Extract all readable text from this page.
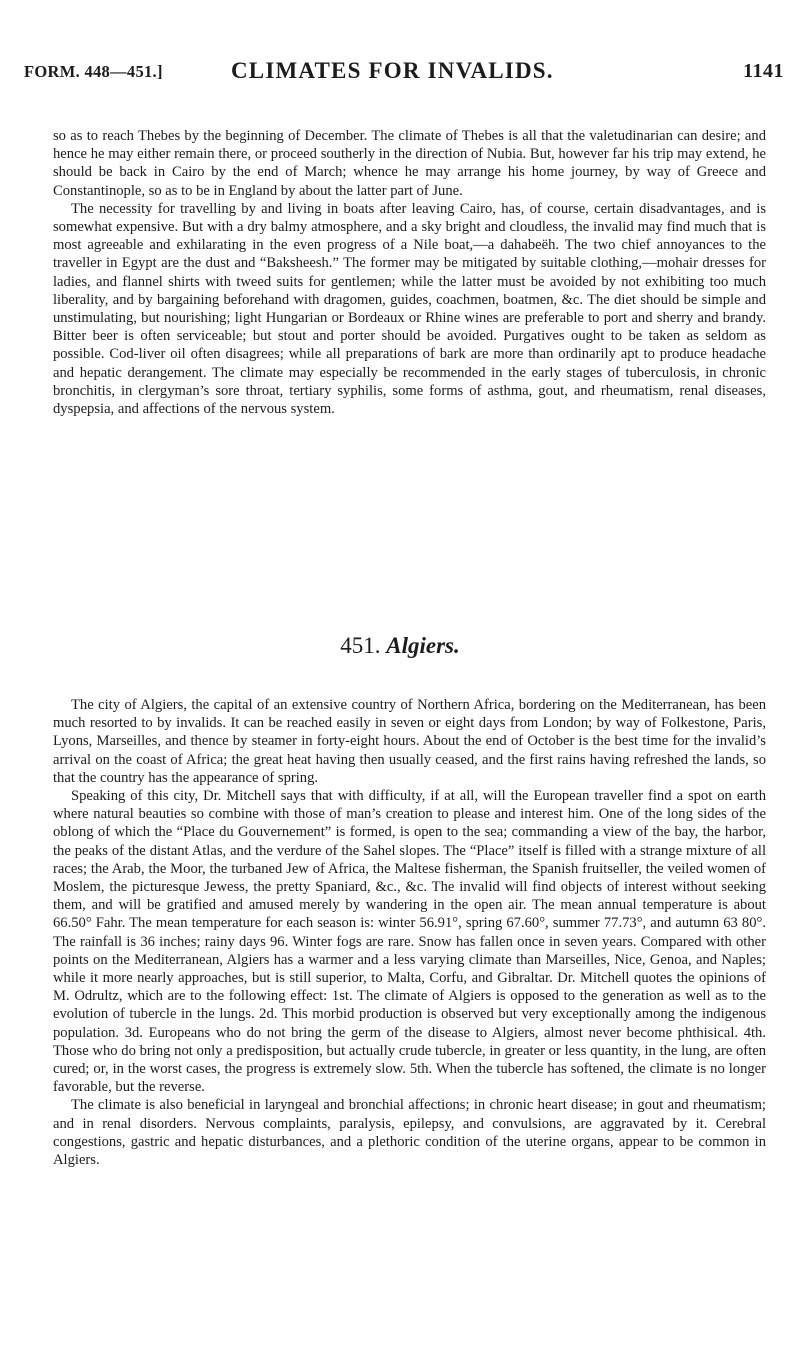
FORM. 448—451.]	CLIMATES FOR INVALIDS.	1141

so as to reach Thebes by the beginning of December. The climate of Thebes is all that the valetudinarian can desire; and hence he may either remain there, or proceed southerly in the direction of Nubia. But, however far his trip may extend, he should be back in Cairo by the end of March; whence he may arrange his home journey, by way of Greece and Constantinople, so as to be in England by about the latter part of June.

The necessity for travelling by and living in boats after leaving Cairo, has, of course, certain disadvantages, and is somewhat expensive. But with a dry balmy atmosphere, and a sky bright and cloudless, the invalid may find much that is most agreeable and exhilarating in the even progress of a Nile boat,—a dahabeëh. The two chief annoyances to the traveller in Egypt are the dust and “Baksheesh.” The former may be mitigated by suitable clothing,—mohair dresses for ladies, and flannel shirts with tweed suits for gentlemen; while the latter must be avoided by not exhibiting too much liberality, and by bargaining beforehand with dragomen, guides, coachmen, boatmen, &c. The diet should be simple and unstimulating, but nourishing; light Hungarian or Bordeaux or Rhine wines are preferable to port and sherry and brandy. Bitter beer is often serviceable; but stout and porter should be avoided. Purgatives ought to be taken as seldom as possible. Cod-liver oil often disagrees; while all preparations of bark are more than ordinarily apt to produce headache and hepatic derangement. The climate may especially be recommended in the early stages of tuberculosis, in chronic bronchitis, in clergyman’s sore throat, tertiary syphilis, some forms of asthma, gout, and rheumatism, renal diseases, dyspepsia, and affections of the nervous system.

451. Algiers.

The city of Algiers, the capital of an extensive country of Northern Africa, bordering on the Mediterranean, has been much resorted to by invalids. It can be reached easily in seven or eight days from London; by way of Folkestone, Paris, Lyons, Marseilles, and thence by steamer in forty-eight hours. About the end of October is the best time for the invalid’s arrival on the coast of Africa; the great heat having then usually ceased, and the first rains having refreshed the lands, so that the country has the appearance of spring.

Speaking of this city, Dr. Mitchell says that with difficulty, if at all, will the European traveller find a spot on earth where natural beauties so combine with those of man’s creation to please and interest him. One of the long sides of the oblong of which the “Place du Gouvernement” is formed, is open to the sea; commanding a view of the bay, the harbor, the peaks of the distant Atlas, and the verdure of the Sahel slopes. The “Place” itself is filled with a strange mixture of all races; the Arab, the Moor, the turbaned Jew of Africa, the Maltese fisherman, the Spanish fruitseller, the veiled women of Moslem, the picturesque Jewess, the pretty Spaniard, &c., &c. The invalid will find objects of interest without seeking them, and will be gratified and amused merely by wandering in the open air. The mean annual temperature is about 66.50° Fahr. The mean temperature for each season is: winter 56.91°, spring 67.60°, summer 77.73°, and autumn 63 80°. The rainfall is 36 inches; rainy days 96. Winter fogs are rare. Snow has fallen once in seven years. Compared with other points on the Mediterranean, Algiers has a warmer and a less varying climate than Marseilles, Nice, Genoa, and Naples; while it more nearly approaches, but is still superior, to Malta, Corfu, and Gibraltar. Dr. Mitchell quotes the opinions of M. Odrultz, which are to the following effect: 1st. The climate of Algiers is opposed to the generation as well as to the evolution of tubercle in the lungs. 2d. This morbid production is observed but very exceptionally among the indigenous population. 3d. Europeans who do not bring the germ of the disease to Algiers, almost never become phthisical. 4th. Those who do bring not only a predisposition, but actually crude tubercle, in greater or less quantity, in the lung, are often cured; or, in the worst cases, the progress is extremely slow. 5th. When the tubercle has softened, the climate is no longer favorable, but the reverse.

The climate is also beneficial in laryngeal and bronchial affections; in chronic heart disease; in gout and rheumatism; and in renal disorders. Nervous complaints, paralysis, epilepsy, and convulsions, are aggravated by it. Cerebral congestions, gastric and hepatic disturbances, and a plethoric condition of the uterine organs, appear to be common in Algiers.
